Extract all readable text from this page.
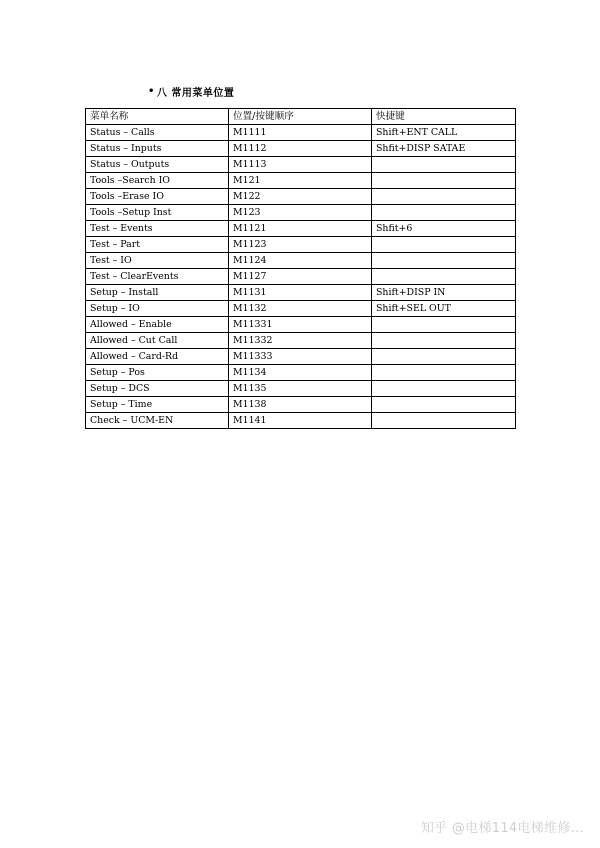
• 八 常用菜单位置
菜单名称	位置/按键顺序	快捷键
Status – Calls	M1111	Shift+ENT CALL
Status – Inputs	M1112	Shfit+DISP SATAE
Status – Outputs	M1113	
Tools –Search IO	M121	
Tools –Erase IO	M122	
Tools –Setup Inst	M123	
Test – Events	M1121	Shfit+6
Test – Part	M1123	
Test – IO	M1124	
Test – ClearEvents	M1127	
Setup – Install	M1131	Shift+DISP IN
Setup – IO	M1132	Shift+SEL OUT
Allowed – Enable	M11331	
Allowed – Cut Call	M11332	
Allowed – Card-Rd	M11333	
Setup – Pos	M1134	
Setup – DCS	M1135	
Setup – Time	M1138	
Check – UCM-EN	M1141	
知乎 @电梯114电梯维修...
